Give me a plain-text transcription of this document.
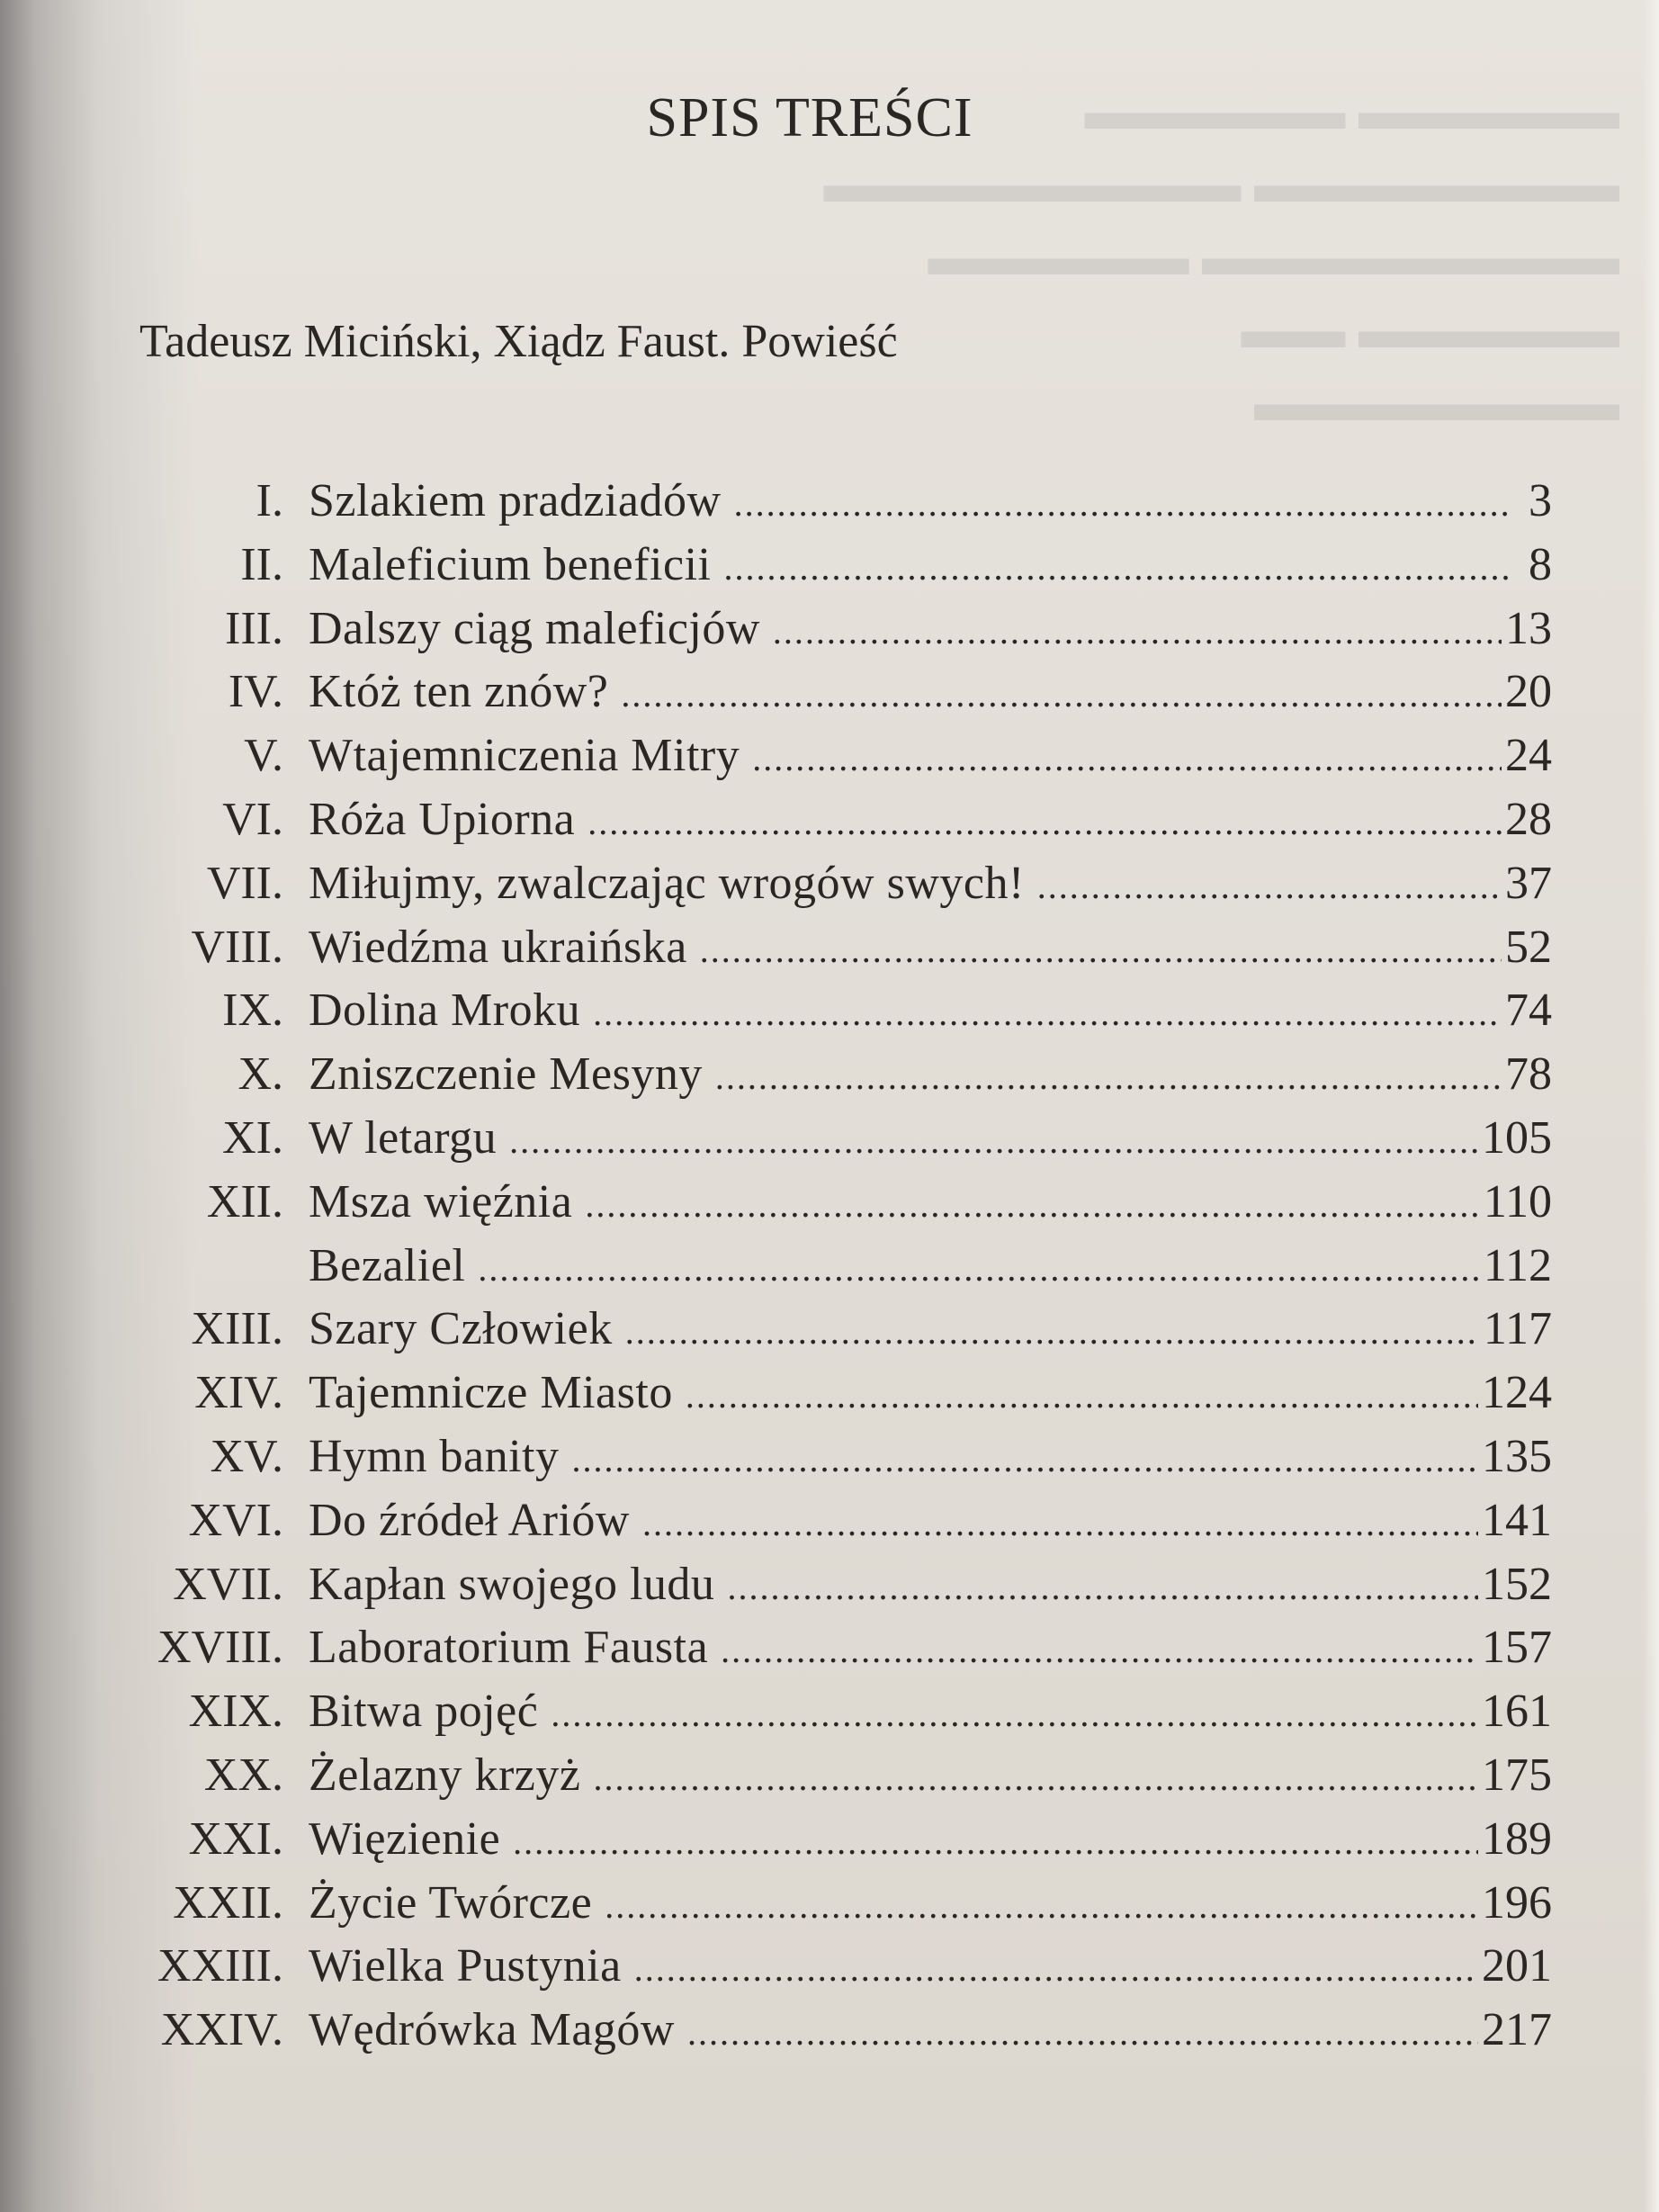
▬▬▬▬▬ ▬▬▬▬▬
▬▬▬▬▬▬▬ ▬▬▬▬▬▬▬▬
▬▬▬▬▬▬▬▬ ▬▬▬▬▬
▬▬▬▬▬ ▬▬
▬▬▬▬▬▬▬
SPIS TREŚCI
Tadeusz Miciński, Xiądz Faust. Powieść
I. Szlakiem pradziadów .....	3
II. Maleficium beneficii .....	8
III. Dalszy ciąg maleficjów .....	13
IV. Któż ten znów? .....	20
V. Wtajemniczenia Mitry .....	24
VI. Róża Upiorna .....	28
VII. Miłujmy, zwalczając wrogów swych! .....	37
VIII. Wiedźma ukraińska .....	52
IX. Dolina Mroku .....	74
X. Zniszczenie Mesyny .....	78
XI. W letargu .....	105
XII. Msza więźnia .....	110
Bezaliel .....	112
XIII. Szary Człowiek .....	117
XIV. Tajemnicze Miasto .....	124
XV. Hymn banity .....	135
XVI. Do źródeł Ariów .....	141
XVII. Kapłan swojego ludu .....	152
XVIII. Laboratorium Fausta .....	157
XIX. Bitwa pojęć .....	161
XX. Żelazny krzyż .....	175
XXI. Więzienie .....	189
XXII. Życie Twórcze .....	196
XXIII. Wielka Pustynia .....	201
XXIV. Wędrówka Magów .....	217
